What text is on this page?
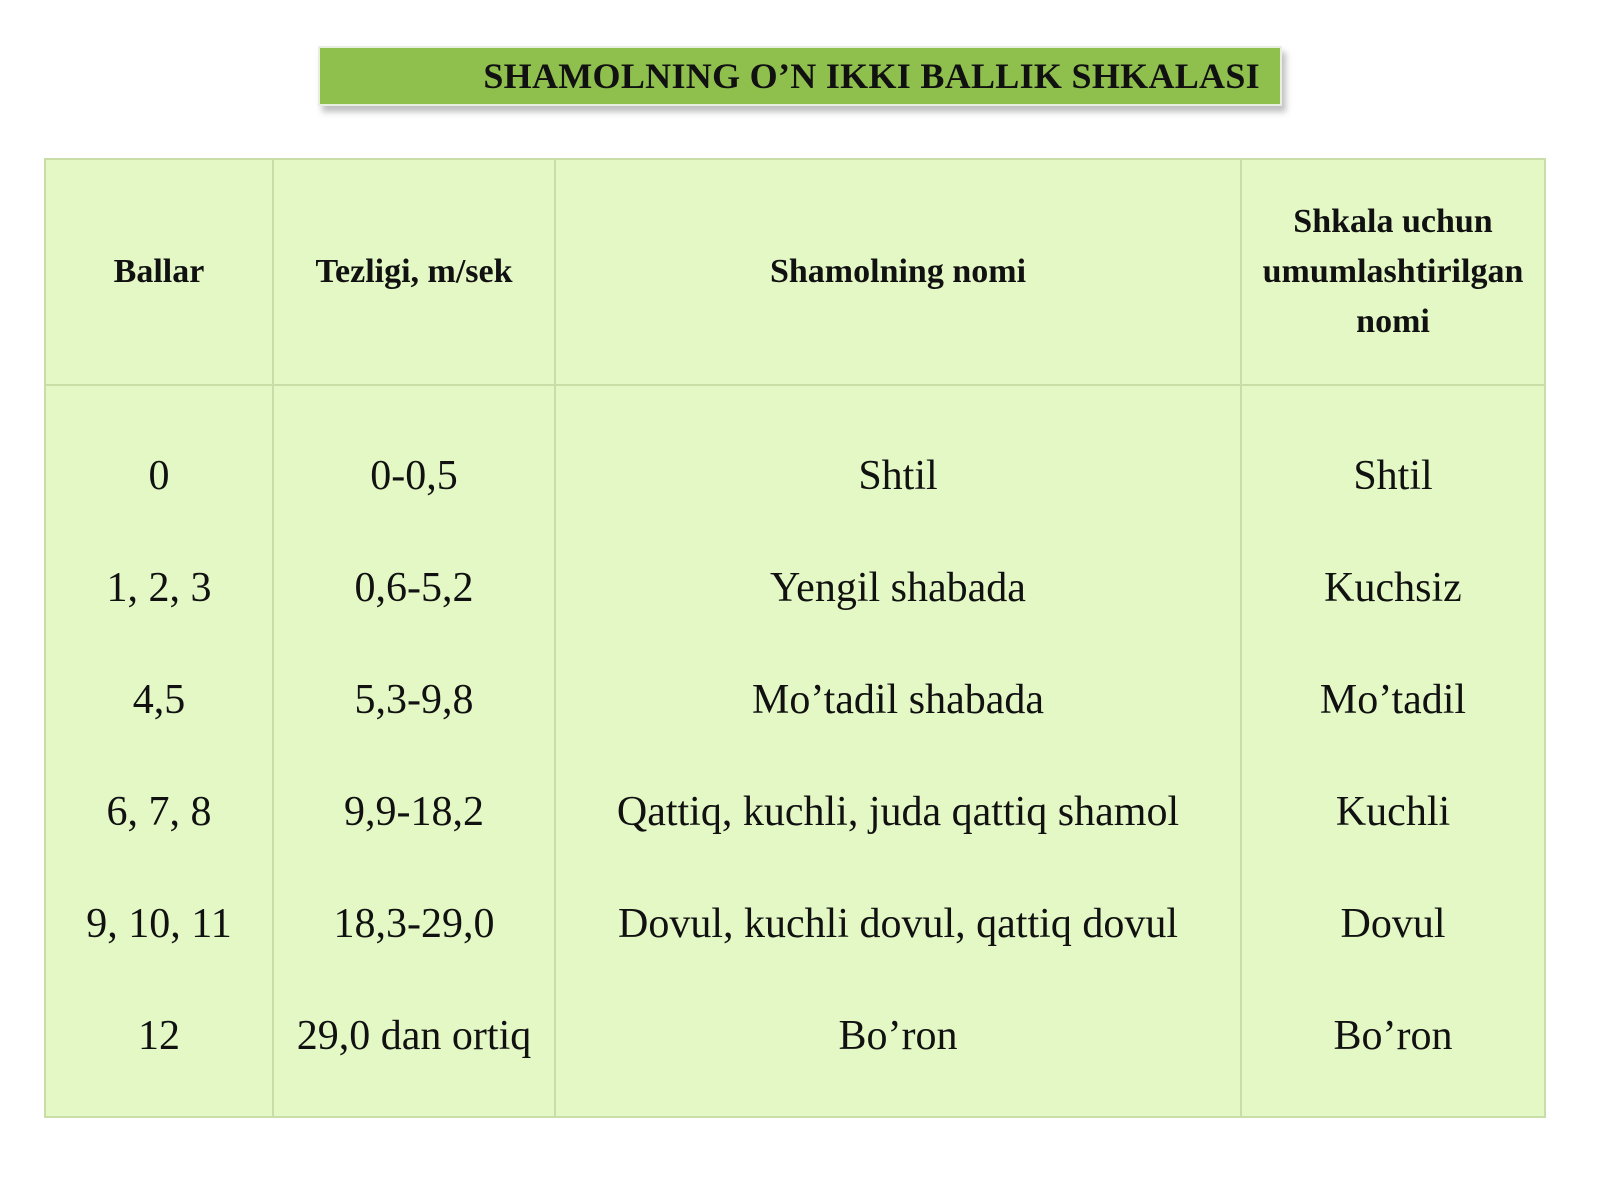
SHAMOLNING O’N IKKI BALLIK SHKALASI
Ballar	Tezligi, m/sek	Shamolning nomi	Shkala uchun umumlashtirilgan nomi
0	0-0,5	Shtil	Shtil
1, 2, 3	0,6-5,2	Yengil shabada	Kuchsiz
4,5	5,3-9,8	Mo’tadil shabada	Mo’tadil
6, 7, 8	9,9-18,2	Qattiq, kuchli, juda qattiq shamol	Kuchli
9, 10, 11	18,3-29,0	Dovul, kuchli dovul, qattiq dovul	Dovul
12	29,0 dan ortiq	Bo’ron	Bo’ron
